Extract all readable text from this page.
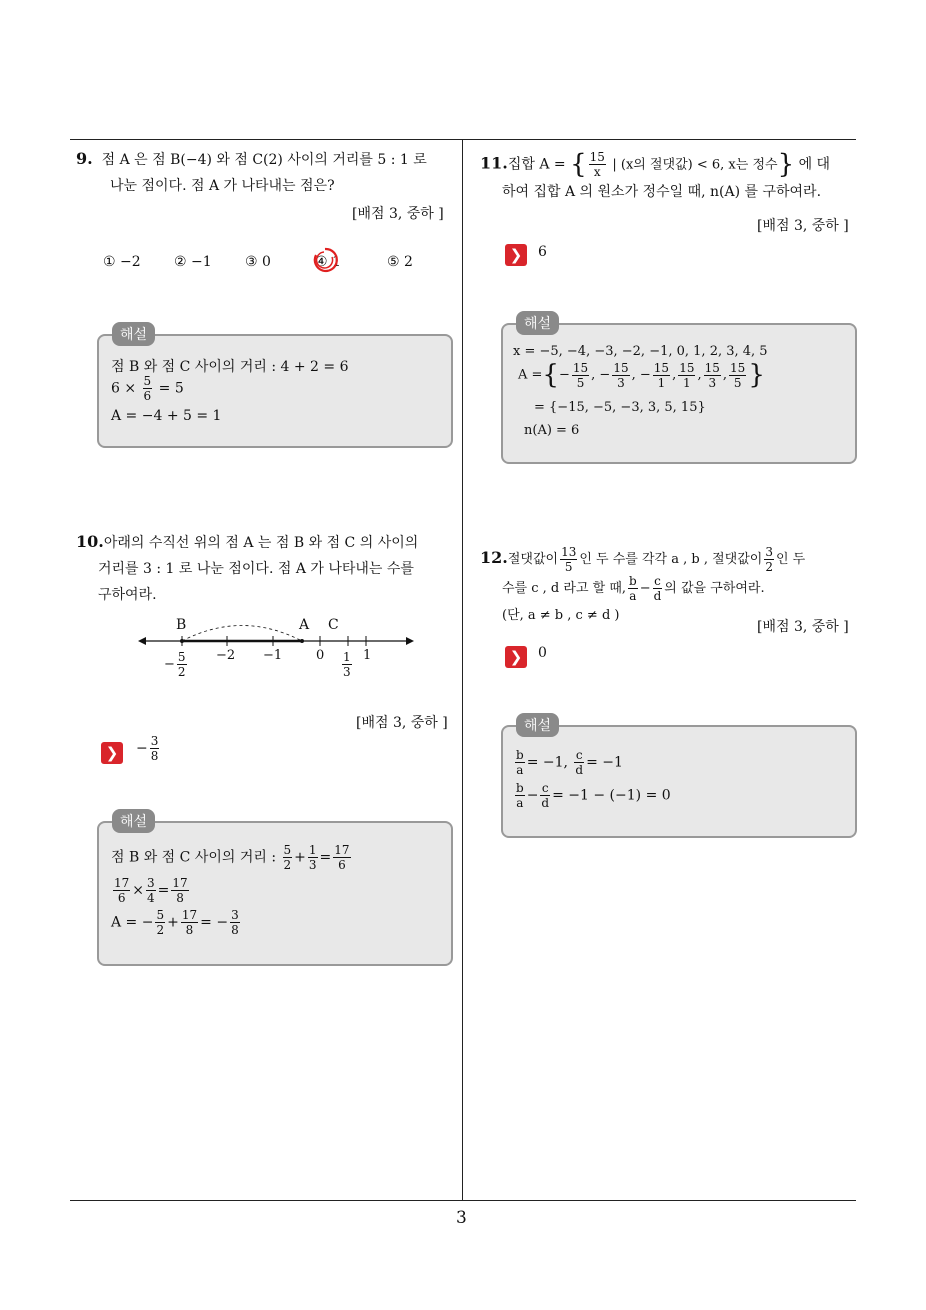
3
9. 점 A 은 점 B(−4) 와 점 C(2) 사이의 거리를 5 : 1 로
나눈 점이다. 점 A 가 나타내는 점은?
[배점 3, 중하 ]
① −2 ② −1 ③ 0	④ 1	⑤ 2
해설
점 B 와 점 C 사이의 거리 : 4 + 2 = 6
$6 \times \frac{5}{6} = 5$
A = −4 + 5 = 1
10.아래의 수직선 위의 점 A 는 점 B 와 점 C 의 사이의
거리를 3 : 1 로 나눈 점이다. 점 A 가 나타내는 수를
구하여라.
B	A C
− $\frac{5}{2} -2 -1$	$0 \frac{1}{3} 1$
[배점 3, 중하 ]
❯	− $\frac{3}{8}$
해설
점 B 와 점 C 사이의 거리 : $\frac{5}{2} + \frac{1}{3} = \frac{17}{6}$
$\frac{17}{6} \times \frac{3}{4} = \frac{17}{8}$
A = − $\frac{5}{2} + \frac{17}{8}$ = − $\frac{3}{8}$
11.집합 A = { $\frac{15}{x}$ | (x의 절댓값) < 6, x는 정수} 에 대
하여 집합 A 의 원소가 정수일 때, n(A) 를 구하여라.
[배점 3, 중하 ]
❯	6
해설
x = −5, −4, −3, −2, −1, 0, 1, 2, 3, 4, 5
A ={− $\frac{15}{5}$ , − $\frac{15}{3}$ , − $\frac{15}{1}$ , $\frac{15}{1}$ , $\frac{15}{3}$ , $\frac{15}{5}$ }
= {−15, −5, −3, 3, 5, 15}
n(A) = 6
12.절댓값이 $\frac{13}{5}$ 인 두 수를 각각 a , b , 절댓값이 $\frac{3}{2}$ 인 두
수를 c , d 라고 할 때, $\frac{b}{a} - \frac{c}{d}$ 의 값을 구하여라.
(단, a ≠ b , c ≠ d )
[배점 3, 중하 ]
❯	0
해설
$\frac{b}{a} = -1$, $\frac{c}{d} = -1$
$\frac{b}{a} - \frac{c}{d} = -1 - (-1) = 0$
